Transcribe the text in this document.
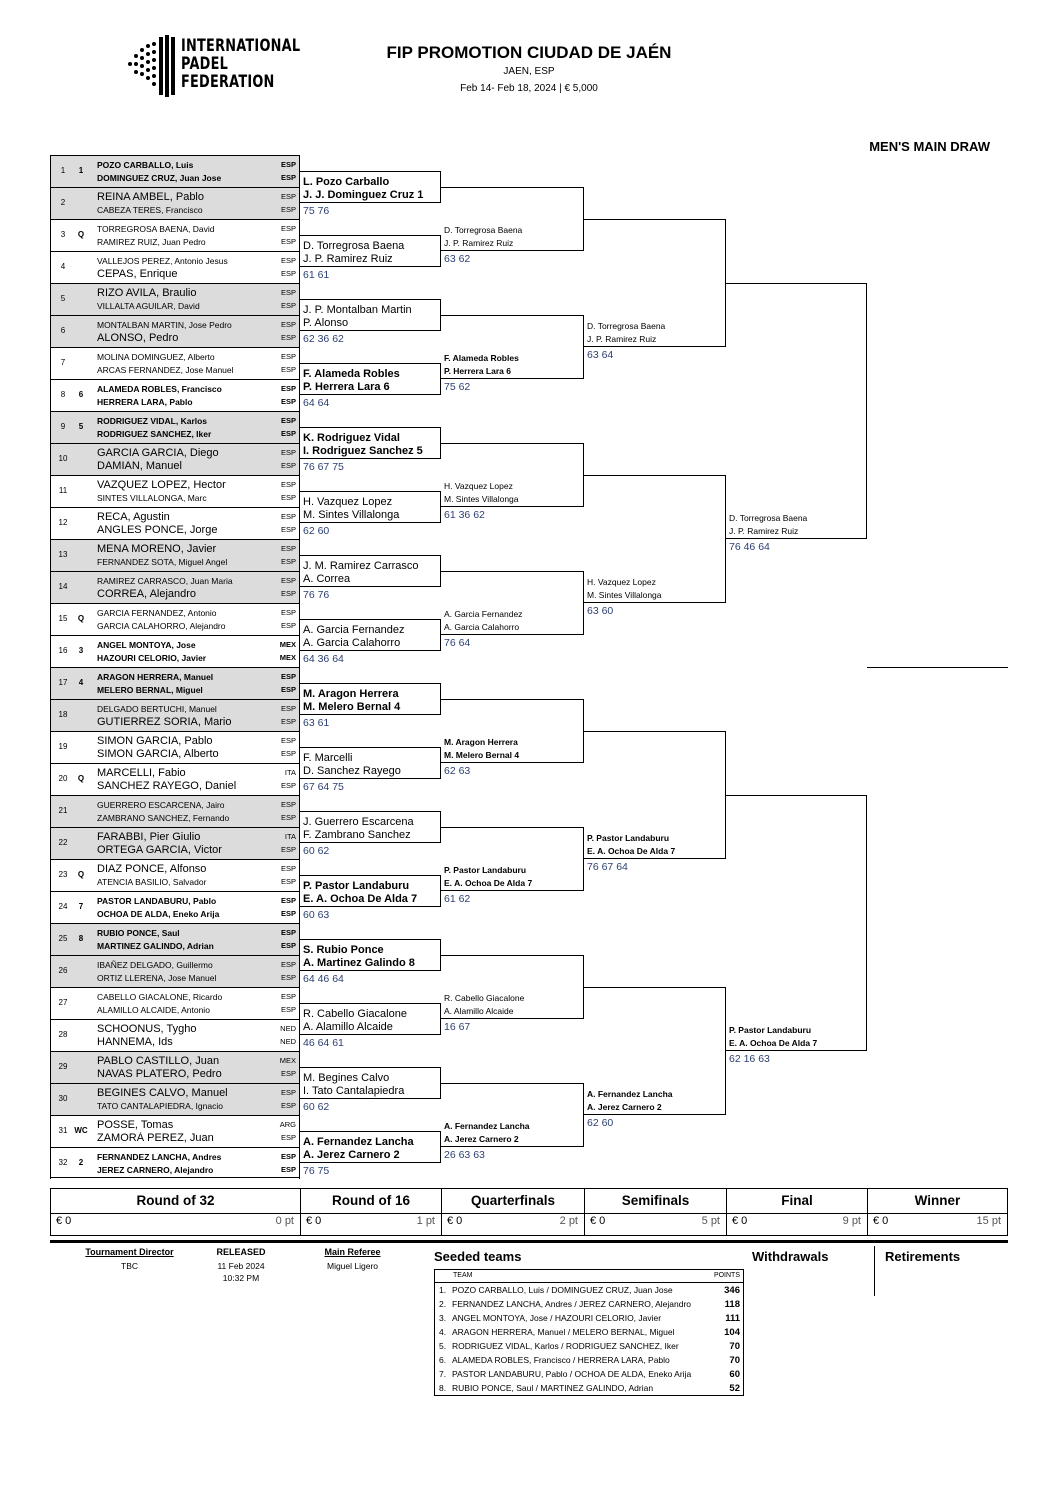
INTERNATIONAL
PADEL
FEDERATION
FIP PROMOTION CIUDAD DE JAÉN
JAEN, ESP
Feb 14- Feb 18, 2024 | € 5,000
MEN'S MAIN DRAW
1	1
POZO CARBALLO, Luis
DOMINGUEZ CRUZ, Juan Jose
ESP
ESP
2	REINA AMBEL, Pablo
CABEZA TERES, Francisco
ESP
ESP
3	Q
TORREGROSA BAENA, David
RAMIREZ RUIZ, Juan Pedro
ESP
ESP
4
VALLEJOS PEREZ, Antonio Jesus
CEPAS, Enrique
ESP
ESP
5	RIZO AVILA, Braulio
VILLALTA AGUILAR, David
ESP
ESP
6
MONTALBAN MARTIN, Jose Pedro
ALONSO, Pedro
ESP
ESP
7
MOLINA DOMINGUEZ, Alberto
ARCAS FERNANDEZ, Jose Manuel
ESP
ESP
8	6
ALAMEDA ROBLES, Francisco
HERRERA LARA, Pablo
ESP
ESP
9	5
RODRIGUEZ VIDAL, Karlos
RODRIGUEZ SANCHEZ, Iker
ESP
ESP
10	GARCIA GARCIA, Diego
DAMIAN, Manuel
ESP
ESP
11	VAZQUEZ LOPEZ, Hector
SINTES VILLALONGA, Marc
ESP
ESP
12	RECA, Agustin
ANGLES PONCE, Jorge
ESP
ESP
13	MENA MORENO, Javier
FERNANDEZ SOTA, Miguel Angel
ESP
ESP
14
RAMIREZ CARRASCO, Juan Maria
CORREA, Alejandro
ESP
ESP
15	Q
GARCIA FERNANDEZ, Antonio
GARCIA CALAHORRO, Alejandro
ESP
ESP
16	3
ANGEL MONTOYA, Jose
HAZOURI CELORIO, Javier
MEX
MEX
17	4
ARAGON HERRERA, Manuel
MELERO BERNAL, Miguel
ESP
ESP
18
DELGADO BERTUCHI, Manuel
GUTIERREZ SORIA, Mario
ESP
ESP
19	SIMON GARCIA, Pablo
SIMON GARCIA, Alberto
ESP
ESP
20	Q	MARCELLI, Fabio
SANCHEZ RAYEGO, Daniel
ITA
ESP
21
GUERRERO ESCARCENA, Jairo
ZAMBRANO SANCHEZ, Fernando
ESP
ESP
22	FARABBI, Pier Giulio
ORTEGA GARCIA, Victor
ITA
ESP
23	Q	DIAZ PONCE, Alfonso
ATENCIA BASILIO, Salvador
ESP
ESP
24	7
PASTOR LANDABURU, Pablo
OCHOA DE ALDA, Eneko Arija
ESP
ESP
25	8
RUBIO PONCE, Saul
MARTINEZ GALINDO, Adrian
ESP
ESP
26
IBAÑEZ DELGADO, Guillermo
ORTIZ LLERENA, Jose Manuel
ESP
ESP
27
CABELLO GIACALONE, Ricardo
ALAMILLO ALCAIDE, Antonio
ESP
ESP
28	SCHOONUS, Tygho
HANNEMA, Ids
NED
NED
29	PABLO CASTILLO, Juan
NAVAS PLATERO, Pedro
MEX
ESP
30	BEGINES CALVO, Manuel
TATO CANTALAPIEDRA, Ignacio
ESP
ESP
31 WC POSSE, Tomas
ZAMORÀ PEREZ, Juan
ARG
ESP
32	2
FERNANDEZ LANCHA, Andres
JEREZ CARNERO, Alejandro
ESP
ESP
L. Pozo Carballo
J. J. Dominguez Cruz 1
75 76
D. Torregrosa Baena
J. P. Ramirez Ruiz
61 61
J. P. Montalban Martin
P. Alonso
62 36 62
F. Alameda Robles
P. Herrera Lara 6
64 64
K. Rodriguez Vidal
I. Rodriguez Sanchez 5
76 67 75
H. Vazquez Lopez
M. Sintes Villalonga
62 60
J. M. Ramirez Carrasco
A. Correa
76 76
A. Garcia Fernandez
A. Garcia Calahorro
64 36 64
M. Aragon Herrera
M. Melero Bernal 4
63 61
F. Marcelli
D. Sanchez Rayego
67 64 75
J. Guerrero Escarcena
F. Zambrano Sanchez
60 62
P. Pastor Landaburu
E. A. Ochoa De Alda 7
60 63
S. Rubio Ponce
A. Martinez Galindo 8
64 46 64
R. Cabello Giacalone
A. Alamillo Alcaide
46 64 61
M. Begines Calvo
I. Tato Cantalapiedra
60 62
A. Fernandez Lancha
A. Jerez Carnero 2
76 75
D. Torregrosa Baena
J. P. Ramirez Ruiz
63 62
F. Alameda Robles
P. Herrera Lara 6
75 62
H. Vazquez Lopez
M. Sintes Villalonga
61 36 62
A. Garcia Fernandez
A. Garcia Calahorro
76 64
M. Aragon Herrera
M. Melero Bernal 4
62 63
P. Pastor Landaburu
E. A. Ochoa De Alda 7
61 62
R. Cabello Giacalone
A. Alamillo Alcaide
16 67
A. Fernandez Lancha
A. Jerez Carnero 2
26 63 63
D. Torregrosa Baena
J. P. Ramirez Ruiz
63 64
H. Vazquez Lopez
M. Sintes Villalonga
63 60
P. Pastor Landaburu
E. A. Ochoa De Alda 7
76 67 64
A. Fernandez Lancha
A. Jerez Carnero 2
62 60
D. Torregrosa Baena
J. P. Ramirez Ruiz
76 46 64
P. Pastor Landaburu
E. A. Ochoa De Alda 7
62 16 63
Round of 32
€ 0	0 pt
Round of 16
€ 0	1 pt
Quarterfinals
€ 0	2 pt
Semifinals
€ 0	5 pt
Final
€ 0	9 pt
Winner
€ 0	15 pt
Tournament Director
TBC
RELEASED
11 Feb 2024
10:32 PM
Main Referee
Miguel Ligero
Seeded teams
TEAM	POINTS
1. POZO CARBALLO, Luis / DOMINGUEZ CRUZ, Juan Jose	346
2. FERNANDEZ LANCHA, Andres / JEREZ CARNERO, Alejandro	118
3. ANGEL MONTOYA, Jose / HAZOURI CELORIO, Javier	111
4. ARAGON HERRERA, Manuel / MELERO BERNAL, Miguel	104
5. RODRIGUEZ VIDAL, Karlos / RODRIGUEZ SANCHEZ, Iker	70
6. ALAMEDA ROBLES, Francisco / HERRERA LARA, Pablo	70
7. PASTOR LANDABURU, Pablo / OCHOA DE ALDA, Eneko Arija	60
8. RUBIO PONCE, Saul / MARTINEZ GALINDO, Adrian	52
Withdrawals	Retirements
